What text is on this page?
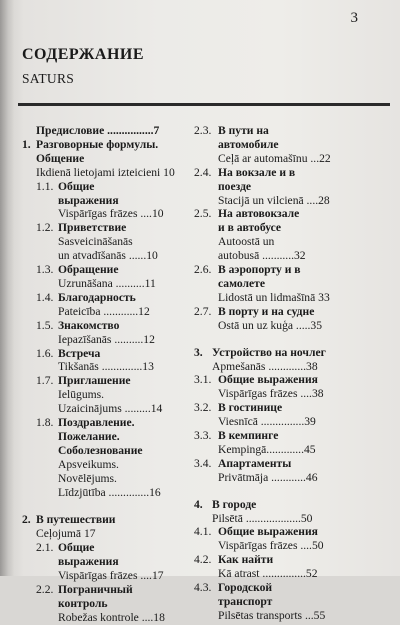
3
СОДЕРЖАНИЕ
SATURS
Предисловие ................7
1. Разговорные формулы.
Общение
Ikdienā lietojami izteicieni 10
1.1. Общие
выражения
Vispārīgas frāzes ....10
1.2. Приветствие
Sasveicināšanās
un atvadīšanās ......10
1.3. Обращение
Uzrunāšana ..........11
1.4. Благодарность
Pateicība ............12
1.5. Знакомство
Iepazīšanās ..........12
1.6. Встреча
Tikšanās ..............13
1.7. Приглашение
Ielūgums.
Uzaicinājums .........14
1.8. Поздравление.
Пожелание.
Соболезнование
Apsveikums.
Novēlējums.
Līdzjūtība ..............16
2. В путешествии
Ceļojumā 17
2.1. Общие
выражения
Vispārīgas frāzes ....17
2.2. Пограничный
контроль
Robežas kontrole ....18
2.3. В пути на
автомобиле
Ceļā ar automašīnu ...22
2.4. На вокзале и в
поезде
Stacijā un vilcienā ....28
2.5. На автовокзале
и в автобусе
Autoostā un
autobusā ...........32
2.6. В аэропорту и в
самолете
Lidostā un lidmašīnā 33
2.7. В порту и на судне
Ostā un uz kuģa .....35
3. Устройство на ночлег
Apmešanās .............38
3.1. Общие выражения
Vispārīgas frāzes ....38
3.2. В гостинице
Viesnīcā ...............39
3.3. В кемпинге
Kempingā.............45
3.4. Апартаменты
Privātmāja ............46
4. В городе
Pilsētā ...................50
4.1. Общие выражения
Vispārīgas frāzes ....50
4.2. Как найти
Kā atrast ...............52
4.3. Городской
транспорт
Pilsētas transports ...55
